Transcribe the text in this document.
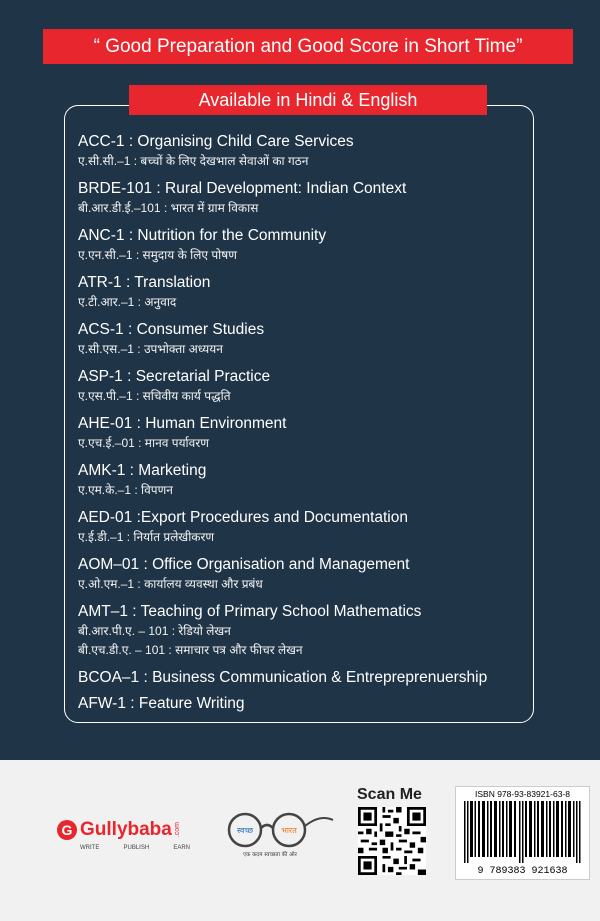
“ Good Preparation and Good Score in Short Time”
Available in Hindi & English
ACC-1 : Organising Child Care Services
ए.सी.सी.–1 : बच्चों के लिए देखभाल सेवाओं का गठन
BRDE-101 : Rural Development: Indian Context
बी.आर.डी.ई.–101 : भारत में ग्राम विकास
ANC-1 : Nutrition for the Community
ए.एन.सी.–1 : समुदाय के लिए पोषण
ATR-1 : Translation
ए.टी.आर.–1 : अनुवाद
ACS-1 : Consumer Studies
ए.सी.एस.–1 : उपभोक्ता अध्ययन
ASP-1 : Secretarial Practice
ए.एस.पी.–1 : सचिवीय कार्य पद्धति
AHE-01 : Human Environment
ए.एच.ई.–01 : मानव पर्यावरण
AMK-1 : Marketing
ए.एम.के.–1 : विपणन
AED-01 :Export Procedures and Documentation
ए.ई.डी.–1 : निर्यात प्रलेखीकरण
AOM–01 : Office Organisation and Management
ए.ओ.एम.–1 : कार्यालय व्यवस्था और प्रबंध
AMT–1 : Teaching of Primary School Mathematics
बी.आर.पी.ए. – 101 : रेडियो लेखन
बी.एच.डी.ए. – 101 : समाचार पत्र और फीचर लेखन
BCOA–1 : Business Communication & Entrepreprenuership
AFW-1 : Feature Writing
G Gullybaba .com
WRITE	PUBLISH	EARN
स्वच्छ	भारत
एक कदम स्वच्छता की ओर
Scan Me	ISBN 978-93-83921-63-8
9 789383 921638
